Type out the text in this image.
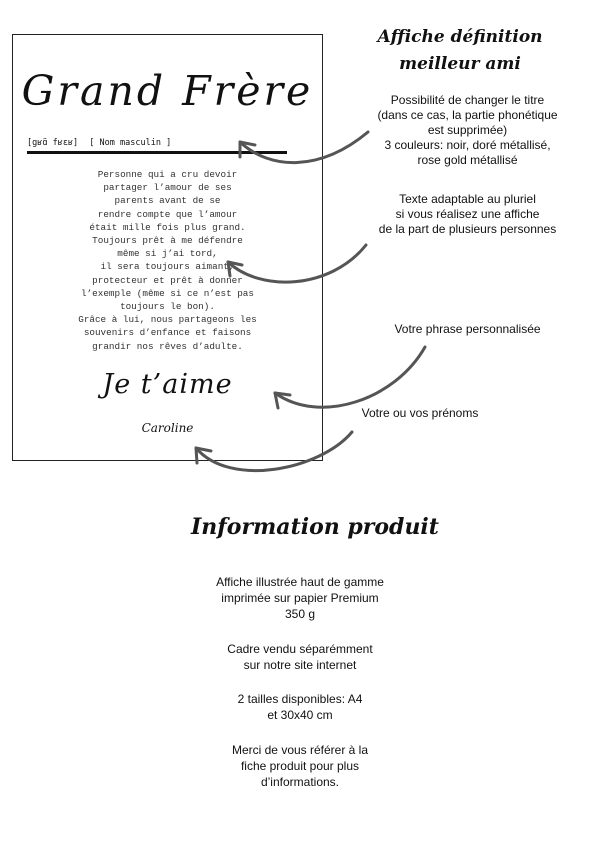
Grand Frère
[gʁɑ̃ fʁɛʁ] [ Nom masculin ]
Personne qui a cru devoir
partager l’amour de ses
parents avant de se
rendre compte que l’amour
était mille fois plus grand.
Toujours prêt à me défendre
même si j’ai tord,
il sera toujours aimant,
protecteur et prêt à donner
l’exemple (même si ce n’est pas
toujours le bon).
Grâce à lui, nous partageons les
souvenirs d’enfance et faisons
grandir nos rêves d’adulte.
Je t’aime
Caroline
Affiche définition
meilleur ami
Possibilité de changer le titre
(dans ce cas, la partie phonétique
est supprimée)
3 couleurs: noir, doré métallisé,
rose gold métallisé
Texte adaptable au pluriel
si vous réalisez une affiche
de la part de plusieurs personnes
Votre phrase personnalisée
Votre ou vos prénoms
Information produit
Affiche illustrée haut de gamme
imprimée sur papier Premium
350 g
Cadre vendu séparémment
sur notre site internet
2 tailles disponibles: A4
et 30x40 cm
Merci de vous référer à la
fiche produit pour plus
d’informations.
